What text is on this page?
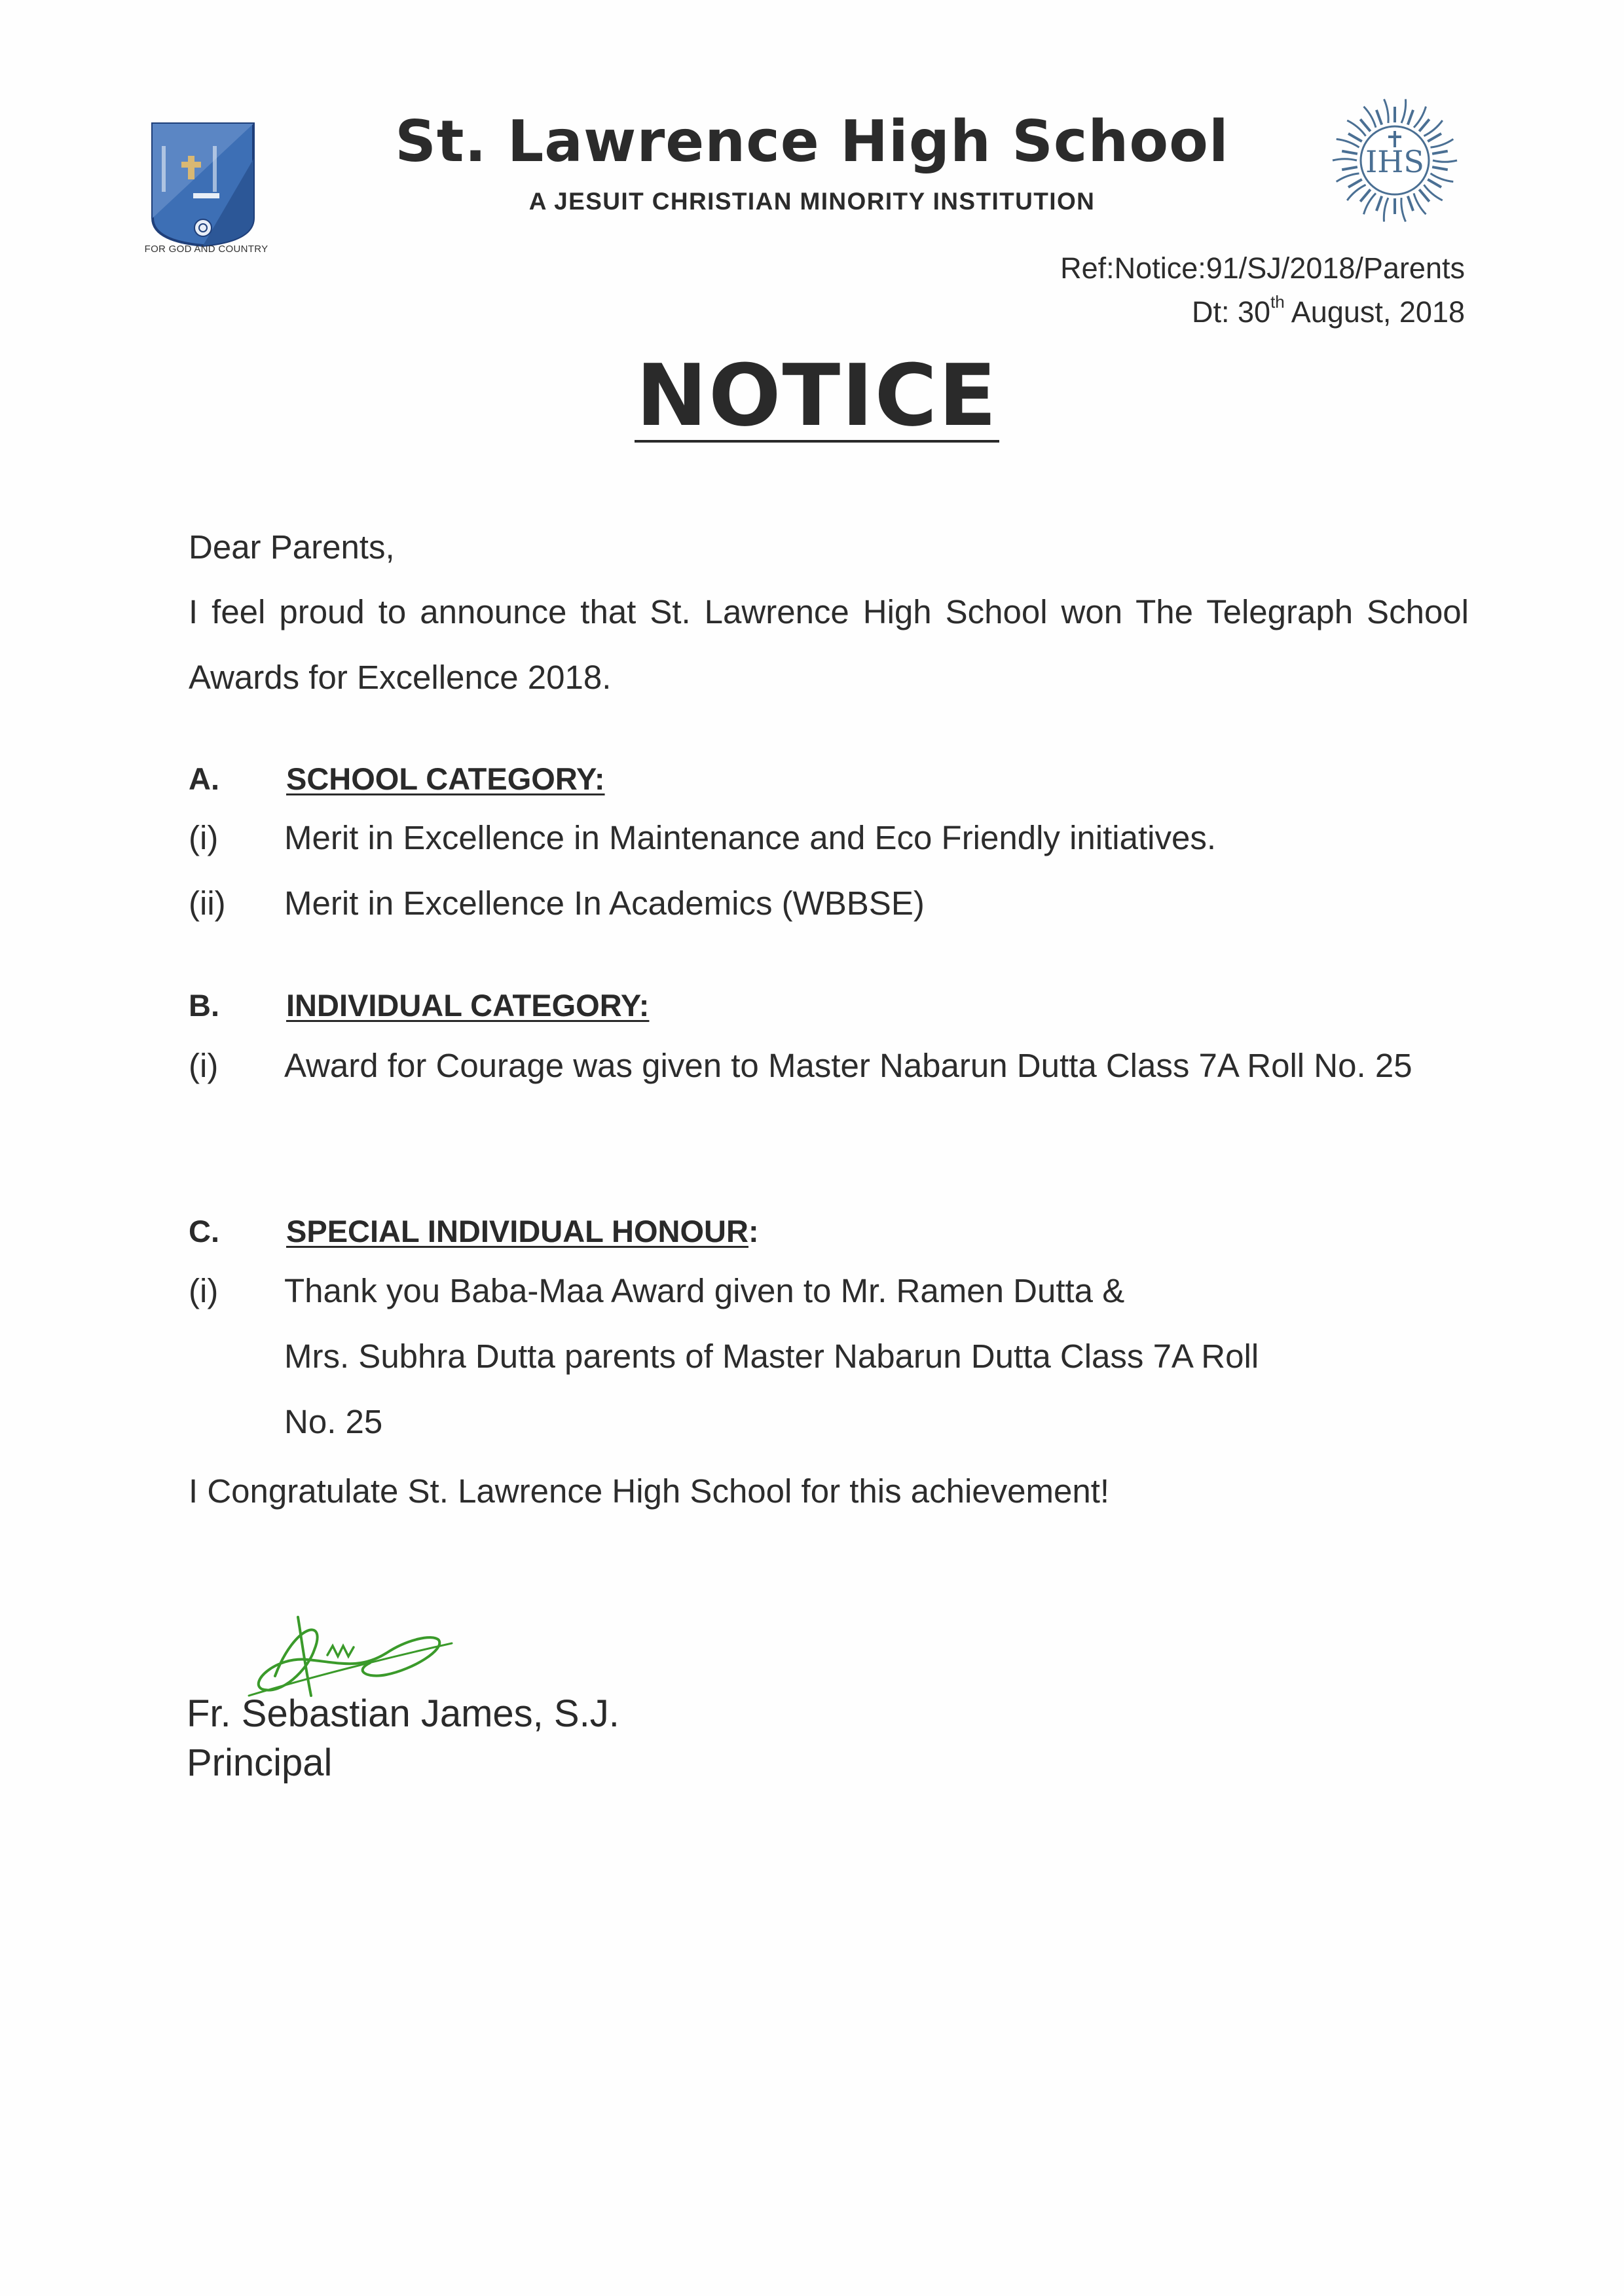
FOR GOD AND COUNTRY
St. Lawrence High School
A JESUIT CHRISTIAN MINORITY INSTITUTION
IHS
Ref:Notice:91/SJ/2018/Parents
Dt: 30th August, 2018
NOTICE
Dear Parents,
I feel proud to announce that St. Lawrence High School won The Telegraph School Awards for Excellence 2018.
A. SCHOOL CATEGORY:
(i) Merit in Excellence in Maintenance and Eco Friendly initiatives.
(ii) Merit in Excellence In Academics (WBBSE)
B. INDIVIDUAL CATEGORY:
(i) Award for Courage was given to Master Nabarun Dutta Class 7A Roll No. 25
C. SPECIAL INDIVIDUAL HONOUR:
(i) Thank you Baba-Maa Award given to Mr. Ramen Dutta &
Mrs. Subhra Dutta parents of Master Nabarun Dutta Class 7A Roll
No. 25
I Congratulate St. Lawrence High School for this achievement!
Fr. Sebastian James, S.J.
Principal
